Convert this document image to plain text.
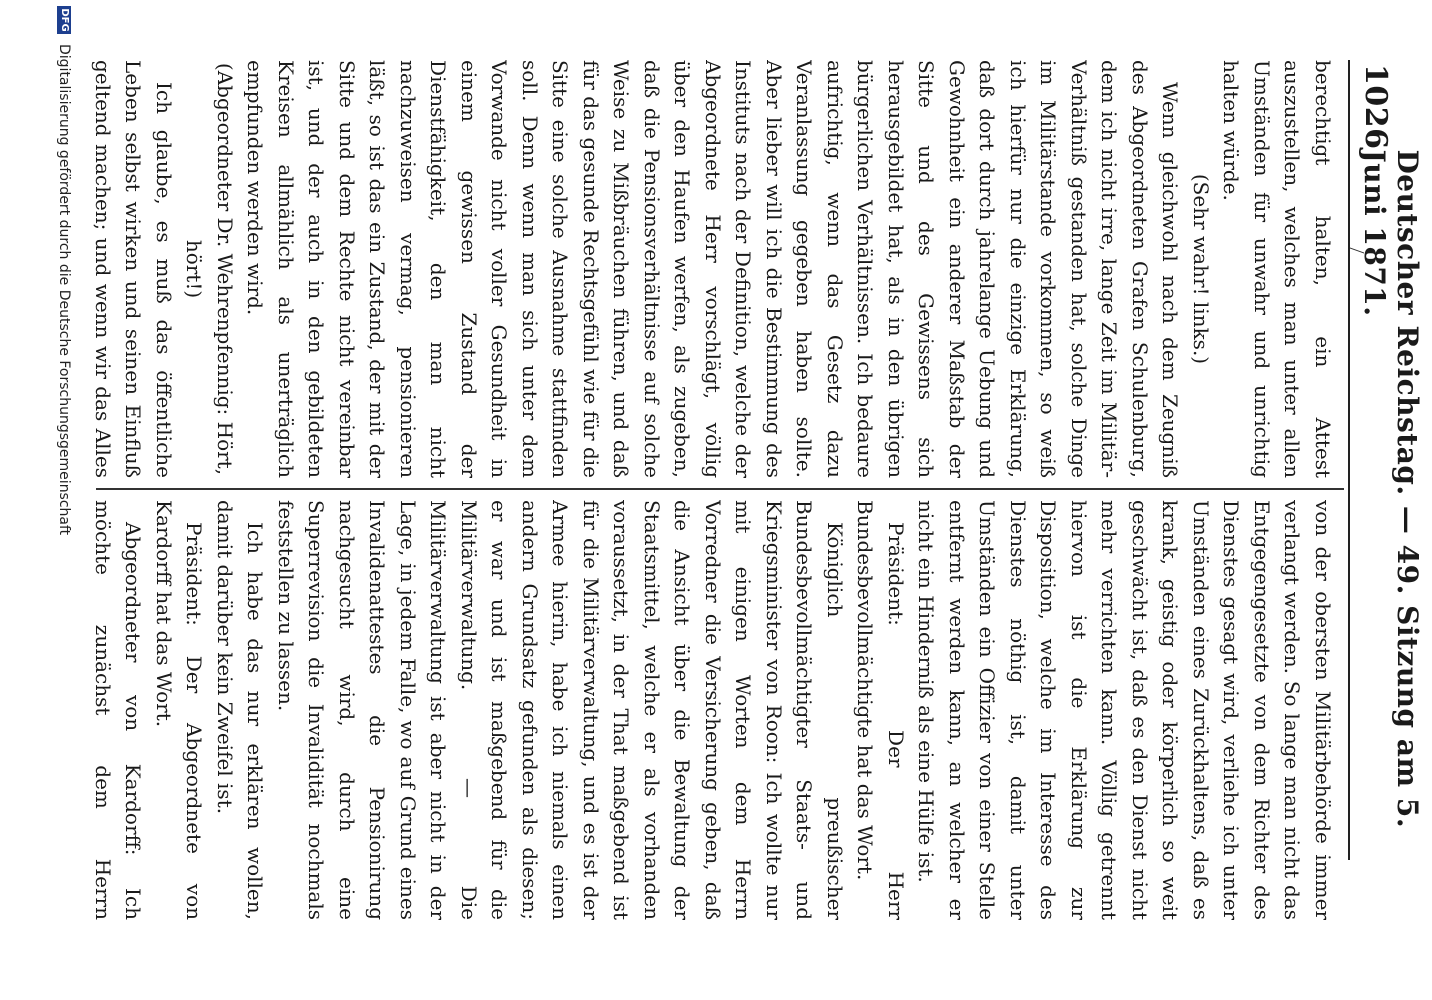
1026
Deutscher Reichstag. — 49. Sitzung am 5. Juni 1871.

berechtigt halten, ein Attest auszustellen, welches man unter allen Umständen für unwahr und unrichtig halten würde.

(Sehr wahr! links.)

Wenn gleichwohl nach dem Zeugniß des Abgeordneten Grafen Schulenburg, dem ich nicht irre, lange Zeit im Militär-Verhältniß gestanden hat, solche Dinge im Militärstande vorkommen, so weiß ich hierfür nur die einzige Erklärung, daß dort durch jahrelange Uebung und Gewohnheit ein anderer Maßstab der Sitte und des Gewissens sich herausgebildet hat, als in den übrigen bürgerlichen Verhältnissen. Ich bedaure aufrichtig, wenn das Gesetz dazu Veranlassung gegeben haben sollte. Aber lieber will ich die Bestimmung des Instituts nach der Definition, welche der Abgeordnete Herr vorschlägt, völlig über den Haufen werfen, als zugeben, daß die Pensionsverhältnisse auf solche Weise zu Mißbräuchen führen, und daß für das gesunde Rechtsgefühl wie für die Sitte eine solche Ausnahme stattfinden soll. Denn wenn man sich unter dem Vorwande nicht voller Gesundheit in einem gewissen Zustand der Dienstfähigkeit, den man nicht nachzuweisen vermag, pensionieren läßt, so ist das ein Zustand, der mit der Sitte und dem Rechte nicht vereinbar ist, und der auch in den gebildeten Kreisen allmählich als unerträglich empfunden werden wird.

(Abgeordneter Dr. Wehrenpfennig: Hört, hört!)

Ich glaube, es muß das öffentliche Leben selbst wirken und seinen Einfluß geltend machen; und wenn wir das Alles

von der obersten Militärbehörde immer verlangt werden. So lange man nicht das Entgegengesetzte von dem Richter des Dienstes gesagt wird, verliehe ich unter Umständen eines Zurückhaltens, daß es krank, geistig oder körperlich so weit geschwächt ist, daß es den Dienst nicht mehr verrichten kann. Völlig getrennt hiervon ist die Erklärung zur Disposition, welche im Interesse des Dienstes nöthig ist, damit unter Umständen ein Offizier von einer Stelle entfernt werden kann, an welcher er nicht ein Hinderniß als eine Hülfe ist.

Präsident: Der Herr Bundesbevollmächtigte hat das Wort.

Königlich preußischer Bundesbevollmächtigter Staats- und Kriegsminister von Roon: Ich wollte nur mit einigen Worten dem Herrn Vorredner die Versicherung geben, daß die Ansicht über die Bewaltung der Staatsmittel, welche er als vorhanden voraussetzt, in der That maßgebend ist für die Militärverwaltung, und es ist der Armee hierin, habe ich niemals einen andern Grundsatz gefunden als diesen; er war und ist maßgebend für die Militärverwaltung. — Die Militärverwaltung ist aber nicht in der Lage, in jedem Falle, wo auf Grund eines Invalidenattestes die Pensionirung nachgesucht wird, durch eine Superrevision die Invalidität nochmals feststellen zu lassen.

Ich habe das nur erklären wollen, damit darüber kein Zweifel ist.

Präsident: Der Abgeordnete von Kardorff hat das Wort.

Abgeordneter von Kardorff: Ich möchte zunächst dem Herrn

DFG
Digitalisierung gefördert durch die Deutsche Forschungsgemeinschaft
